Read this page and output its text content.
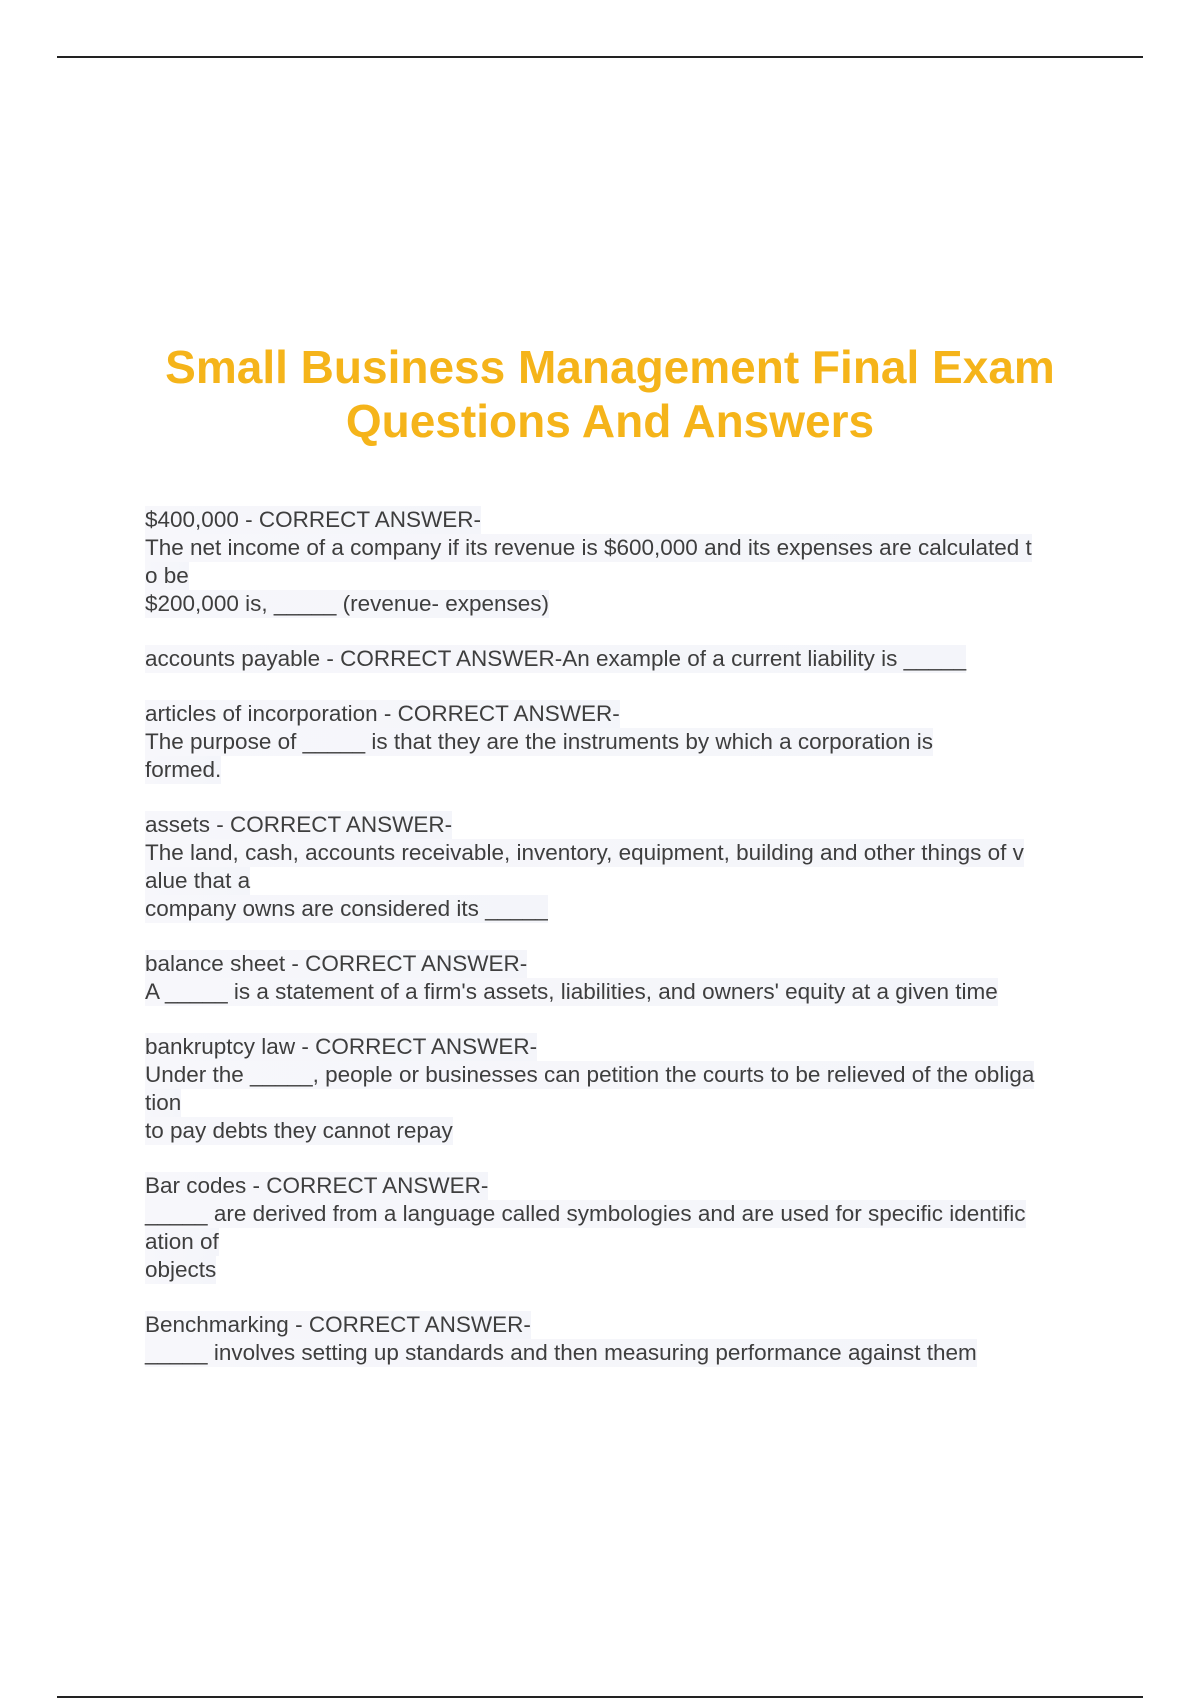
Small Business Management Final Exam
Questions And Answers
$400,000 - CORRECT ANSWER-
The net income of a company if its revenue is $600,000 and its expenses are calculated t
o be
$200,000 is, _____ (revenue- expenses)
accounts payable - CORRECT ANSWER-An example of a current liability is _____
articles of incorporation - CORRECT ANSWER-
The purpose of _____ is that they are the instruments by which a corporation is
formed.
assets - CORRECT ANSWER-
The land, cash, accounts receivable, inventory, equipment, building and other things of v
alue that a
company owns are considered its _____
balance sheet - CORRECT ANSWER-
A _____ is a statement of a firm's assets, liabilities, and owners' equity at a given time
bankruptcy law - CORRECT ANSWER-
Under the _____, people or businesses can petition the courts to be relieved of the obliga
tion
to pay debts they cannot repay
Bar codes - CORRECT ANSWER-
_____ are derived from a language called symbologies and are used for specific identific
ation of
objects
Benchmarking - CORRECT ANSWER-
_____ involves setting up standards and then measuring performance against them
